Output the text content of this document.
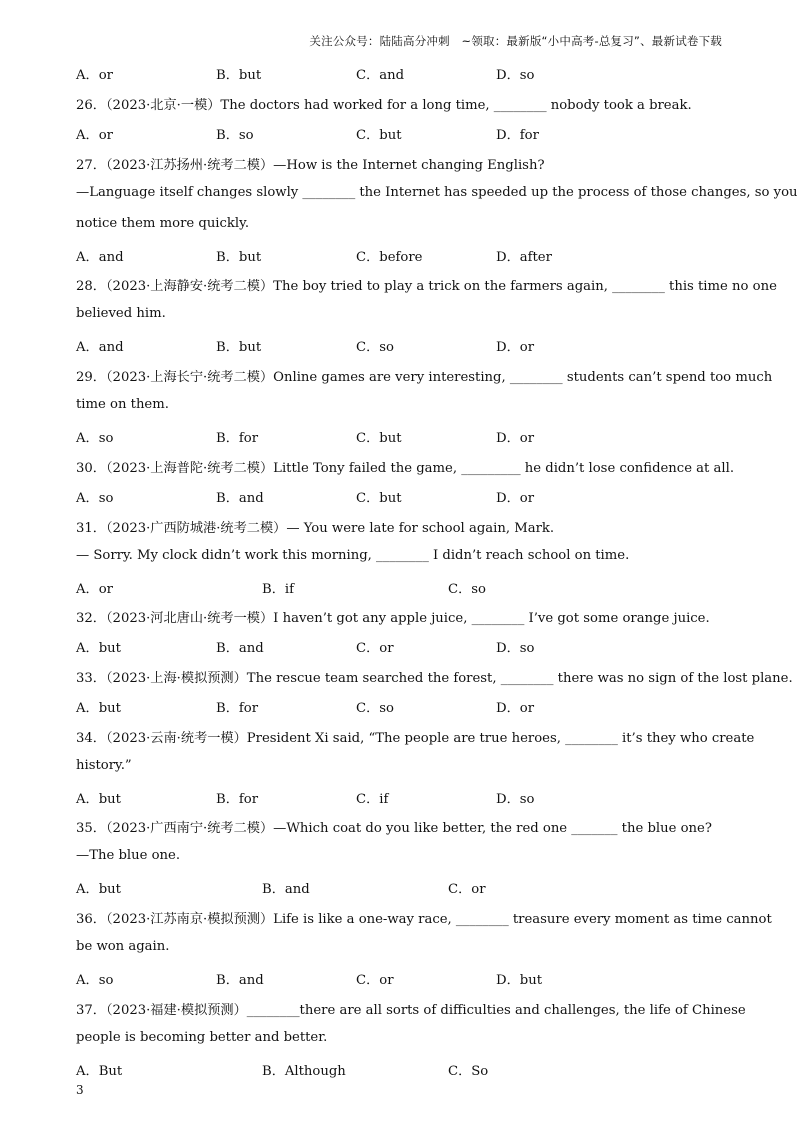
关注公众号：陆陆高分冲刺　~领取：最新版“小中高考-总复习”、最新试卷下载
A．or	B．but	C．and	D．so
26．（2023·北京·一模）The doctors had worked for a long time, ________ nobody took a break.
A．or	B．so	C．but	D．for
27．（2023·江苏扬州·统考二模）—How is the Internet changing English?
—Language itself changes slowly ________ the Internet has speeded up the process of those changes, so you
notice them more quickly.
A．and	B．but	C．before	D．after
28．（2023·上海静安·统考二模）The boy tried to play a trick on the farmers again, ________ this time no one
believed him.
A．and	B．but	C．so	D．or
29．（2023·上海长宁·统考二模）Online games are very interesting, ________ students can’t spend too much
time on them.
A．so	B．for	C．but	D．or
30．（2023·上海普陀·统考二模）Little Tony failed the game, _________ he didn’t lose confidence at all.
A．so	B．and	C．but	D．or
31．（2023·广西防城港·统考二模）— You were late for school again, Mark.
— Sorry. My clock didn’t work this morning, ________ I didn’t reach school on time.
A．or	B．if	C．so
32．（2023·河北唐山·统考一模）I haven’t got any apple juice, ________ I’ve got some orange juice.
A．but	B．and	C．or	D．so
33．（2023·上海·模拟预测）The rescue team searched the forest, ________ there was no sign of the lost plane.
A．but	B．for	C．so	D．or
34．（2023·云南·统考一模）President Xi said, “The people are true heroes, ________ it’s they who create
history.”
A．but	B．for	C．if	D．so
35．（2023·广西南宁·统考二模）—Which coat do you like better, the red one _______ the blue one?
—The blue one.
A．but	B．and	C．or
36．（2023·江苏南京·模拟预测）Life is like a one-way race, ________ treasure every moment as time cannot
be won again.
A．so	B．and	C．or	D．but
37．（2023·福建·模拟预测）________there are all sorts of difficulties and challenges, the life of Chinese
people is becoming better and better.
A．But	B．Although	C．So
3
